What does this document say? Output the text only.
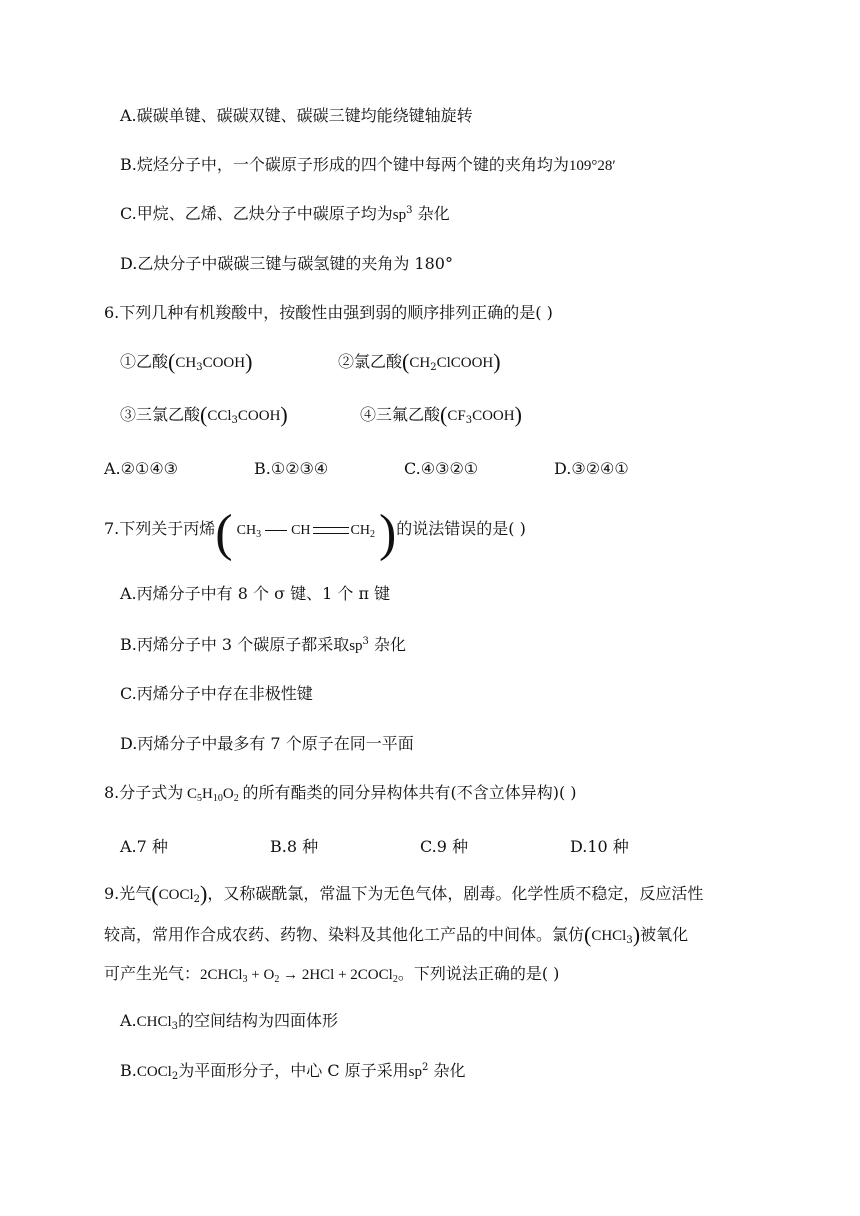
A.碳碳单键、碳碳双键、碳碳三键均能绕键轴旋转
B.烷烃分子中，一个碳原子形成的四个键中每两个键的夹角均为109°28′
C.甲烷、乙烯、乙炔分子中碳原子均为$sp^3$ 杂化
D.乙炔分子中碳碳三键与碳氢键的夹角为 180°
6.下列几种有机羧酸中，按酸性由强到弱的顺序排列正确的是( )
①乙酸$(CH_3COOH)$	②氯乙酸$(CH_2ClCOOH)$
③三氯乙酸(CCl$_3$COOH)	④三氟乙酸$(CF_3COOH)$
A.②①④③	B.①②③④	C.④③②①	D.③②④①
7.下列关于丙烯( $CH_3$ CH	$CH_2$)的说法错误的是( )
A.丙烯分子中有 8 个 σ 键、1 个 π 键
B.丙烯分子中 3 个碳原子都采取$sp^3$ 杂化
C.丙烯分子中存在非极性键
D.丙烯分子中最多有 7 个原子在同一平面
8.分子式为 $C_5H_{10}O_2$ 的所有酯类的同分异构体共有(不含立体异构)( )
A.7 种	B.8 种	C.9 种	D.10 种
9.光气(COCl$_2$)，又称碳酰氯，常温下为无色气体，剧毒。化学性质不稳定，反应活性
较高，常用作合成农药、药物、染料及其他化工产品的中间体。氯仿(CHCl$_3$)被氧化
可产生光气：2CHCl$_3$ + $O_2 \to 2HCl$ + 2COCl$_2$。下列说法正确的是( )
A.CHCl$_3$的空间结构为四面体形
B.COCl$_2$为平面形分子，中心 C 原子采用$sp^2$ 杂化
